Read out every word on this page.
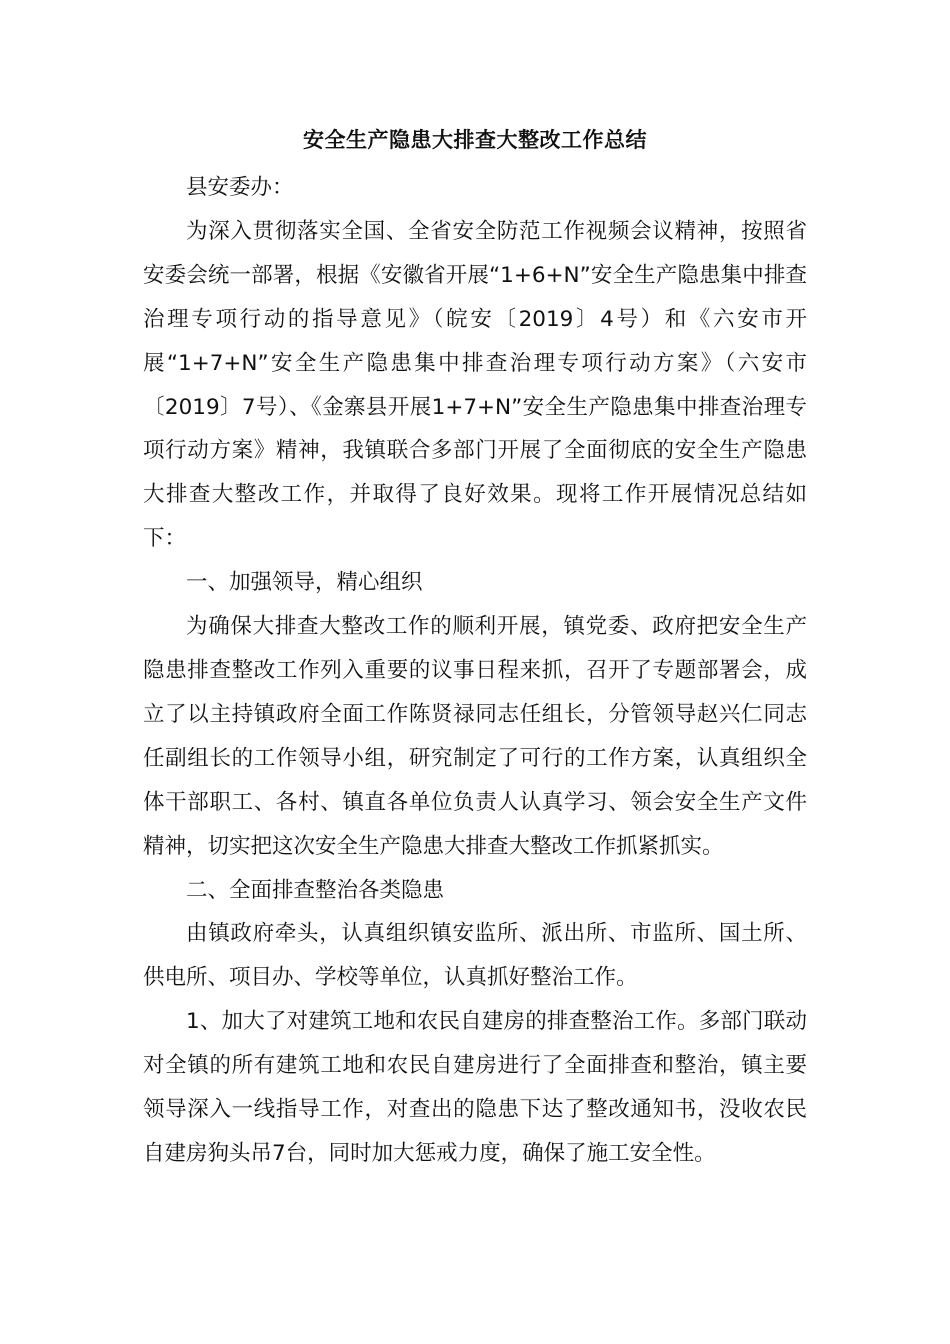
安全生产隐患大排查大整改工作总结

县安委办：

为深入贯彻落实全国、全省安全防范工作视频会议精神，按照省安委会统一部署，根据《安徽省开展“1+6+N”安全生产隐患集中排查治理专项行动的指导意见》（皖安〔2019〕4号）和《六安市开展“1+7+N”安全生产隐患集中排查治理专项行动方案》（六安市〔2019〕7号）、《金寨县开展1+7+N”安全生产隐患集中排查治理专项行动方案》精神，我镇联合多部门开展了全面彻底的安全生产隐患大排查大整改工作，并取得了良好效果。现将工作开展情况总结如下：

一、加强领导，精心组织

为确保大排查大整改工作的顺利开展，镇党委、政府把安全生产隐患排查整改工作列入重要的议事日程来抓，召开了专题部署会，成立了以主持镇政府全面工作陈贤禄同志任组长，分管领导赵兴仁同志任副组长的工作领导小组，研究制定了可行的工作方案，认真组织全体干部职工、各村、镇直各单位负责人认真学习、领会安全生产文件精神，切实把这次安全生产隐患大排查大整改工作抓紧抓实。

二、全面排查整治各类隐患

由镇政府牵头，认真组织镇安监所、派出所、市监所、国土所、供电所、项目办、学校等单位，认真抓好整治工作。

1、加大了对建筑工地和农民自建房的排查整治工作。多部门联动对全镇的所有建筑工地和农民自建房进行了全面排查和整治，镇主要领导深入一线指导工作，对查出的隐患下达了整改通知书，没收农民自建房狗头吊7台，同时加大惩戒力度，确保了施工安全性。
